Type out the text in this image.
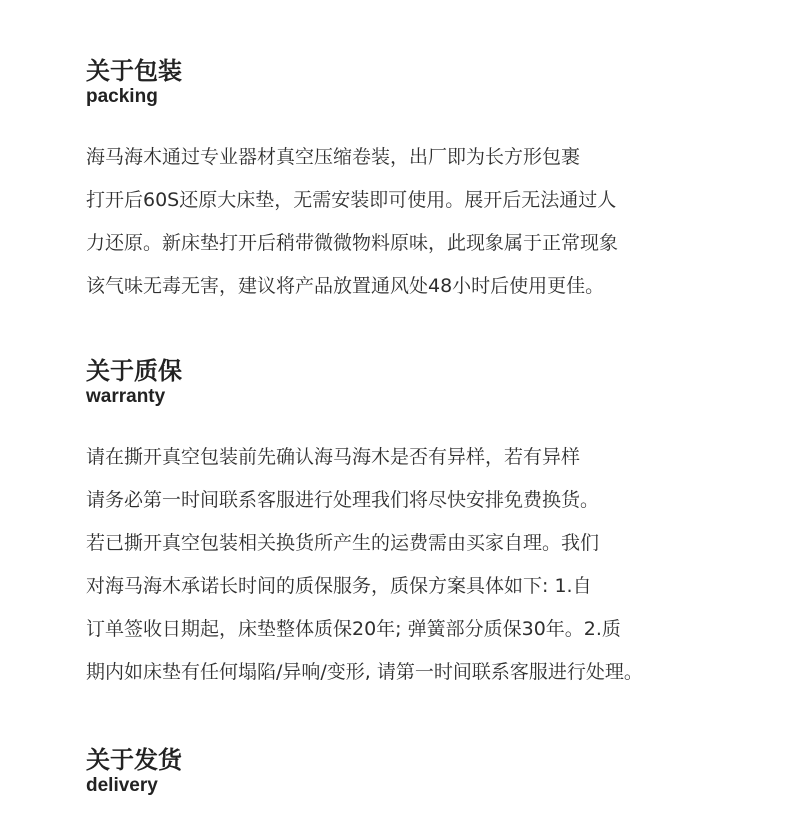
关于包装
packing
海马海木通过专业器材真空压缩卷装，出厂即为长方形包裹
打开后60S还原大床垫，无需安装即可使用。展开后无法通过人
力还原。新床垫打开后稍带微微物料原味，此现象属于正常现象
该气味无毒无害，建议将产品放置通风处48小时后使用更佳。
关于质保
warranty
请在撕开真空包装前先确认海马海木是否有异样，若有异样
请务必第一时间联系客服进行处理我们将尽快安排免费换货。
若已撕开真空包装相关换货所产生的运费需由买家自理。我们
对海马海木承诺长时间的质保服务，质保方案具体如下: 1.自
订单签收日期起，床垫整体质保20年; 弹簧部分质保30年。2.质
期内如床垫有任何塌陷/异响/变形, 请第一时间联系客服进行处理。
关于发货
delivery
